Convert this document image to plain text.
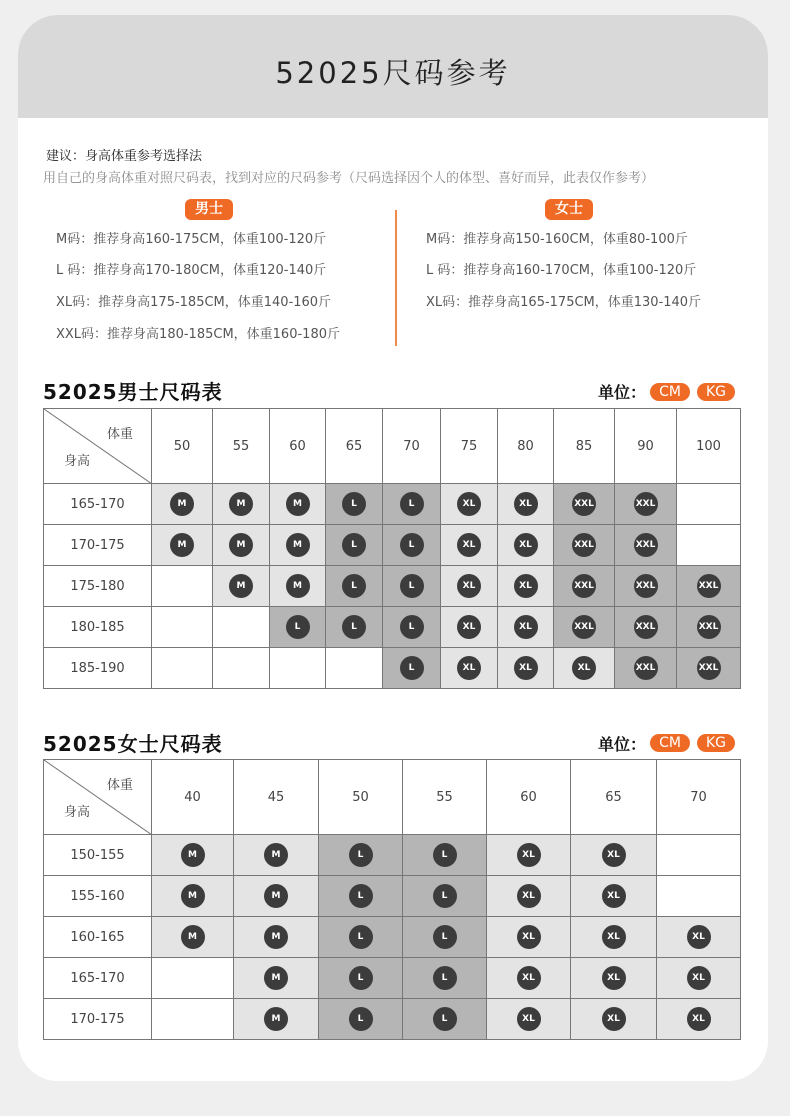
52025尺码参考
建议：身高体重参考选择法
用自己的身高体重对照尺码表，找到对应的尺码参考（尺码选择因个人的体型、喜好而异，此表仅作参考）
男士	女士
M码：推荐身高160-175CM，体重100-120斤
L 码：推荐身高170-180CM，体重120-140斤
XL码：推荐身高175-185CM，体重140-160斤
XXL码：推荐身高180-185CM，体重160-180斤
M码：推荐身高150-160CM，体重80-100斤
L 码：推荐身高160-170CM，体重100-120斤
XL码：推荐身高165-175CM，体重130-140斤
52025男士尺码表	单位： CM	KG
体重
身高	50	55	60	65	70	75	80	85	90	100
165-170	M	M	M	L	L	XL	XL	XXL	XXL	
170-175	M	M	M	L	L	XL	XL	XXL	XXL	
175-180		M	M	L	L	XL	XL	XXL	XXL	XXL
180-185			L	L	L	XL	XL	XXL	XXL	XXL
185-190					L	XL	XL	XL	XXL	XXL
52025女士尺码表	单位： CM	KG
体重
身高	40	45	50	55	60	65	70
150-155	M	M	L	L	XL	XL	
155-160	M	M	L	L	XL	XL	
160-165	M	M	L	L	XL	XL	XL
165-170		M	L	L	XL	XL	XL
170-175		M	L	L	XL	XL	XL
